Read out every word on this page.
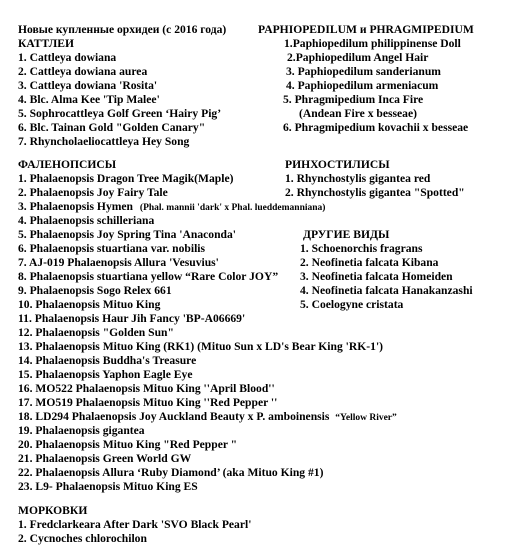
Новые купленные орхидеи (с 2016 года)
КАТТЛЕИ
1. Cattleya dowiana
2. Cattleya dowiana aurea
3. Cattleya dowiana 'Rosita'
4. Blc. Alma Kee 'Tip Malee'
5. Sophrocattleya Golf Green ‘Hairy Pig’
6. Blc. Tainan Gold "Golden Canary"
7. Rhyncholaeliocattleya Hey Song
PAPHIOPEDILUM и PHRAGMIPEDIUM
1.Paphiopedilum philippinense Doll
2.Paphiopedilum Angel Hair
3. Paphiopedilum sanderianum
4. Paphiopedilum armeniacum
5. Phragmipedium Inca Fire
(Andean Fire x besseae)
6. Phragmipedium kovachii x besseae
ФАЛЕНОПСИСЫ
1. Phalaenopsis Dragon Tree Magik(Maple)
2. Phalaenopsis Joy Fairy Tale
3. Phalaenopsis Hymen (Phal. mannii 'dark' x Phal. lueddemanniana)
4. Phalaenopsis schilleriana
5. Phalaenopsis Joy Spring Tina 'Anaconda'
6. Phalaenopsis stuartiana var. nobilis
7. AJ-019 Phalaenopsis Allura 'Vesuvius'
8. Phalaenopsis stuartiana yellow “Rare Color JOY”
9. Phalaenopsis Sogo Relex 661
10. Phalaenopsis Mituo King
11. Phalaenopsis Haur Jih Fancy 'BP-A06669'
12. Phalaenopsis "Golden Sun"
13. Phalaenopsis Mituo King (RK1) (Mituo Sun x LD's Bear King 'RK-1')
14. Phalaenopsis Buddha's Treasure
15. Phalaenopsis Yaphon Eagle Eye
16. MO522 Phalaenopsis Mituo King ''April Blood''
17. MO519 Phalaenopsis Mituo King ''Red Pepper ''
18. LD294 Phalaenopsis Joy Auckland Beauty x P. amboinensis “Yellow River”
19. Phalaenopsis gigantea
20. Phalaenopsis Mituo King "Red Pepper "
21. Phalaenopsis Green World GW
22. Phalaenopsis Allura ‘Ruby Diamond’ (aka Mituo King #1)
23. L9- Phalaenopsis Mituo King ES
РИНХОСТИЛИСЫ
1. Rhynchostylis gigantea red
2. Rhynchostylis gigantea "Spotted"
ДРУГИЕ ВИДЫ
1. Schoenorchis fragrans
2. Neofinetia falcata Kibana
3. Neofinetia falcata Homeiden
4. Neofinetia falcata Hanakanzashi
5. Coelogyne cristata
МОРКОВКИ
1. Fredclarkeara After Dark 'SVO Black Pearl'
2. Cycnoches chlorochilon
